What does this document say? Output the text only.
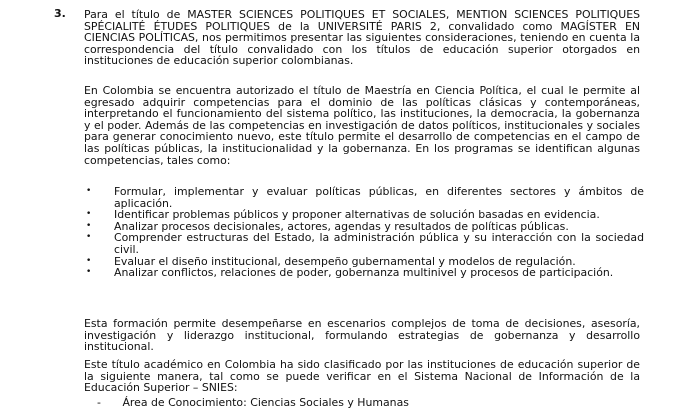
3. Para el título de MASTER SCIENCES POLITIQUES ET SOCIALES, MENTION SCIENCES POLITIQUES SPÉCIALITÉ ÉTUDES POLITIQUES de la UNIVERSITÉ PARIS 2, convalidado como MAGÍSTER EN CIENCIAS POLÍTICAS, nos permitimos presentar las siguientes consideraciones, teniendo en cuenta la correspondencia del título convalidado con los títulos de educación superior otorgados en instituciones de educación superior colombianas.

En Colombia se encuentra autorizado el título de Maestría en Ciencia Política, el cual le permite al egresado adquirir competencias para el dominio de las políticas clásicas y contemporáneas, interpretando el funcionamiento del sistema político, las instituciones, la democracia, la gobernanza y el poder. Además de las competencias en investigación de datos políticos, institucionales y sociales para generar conocimiento nuevo, este título permite el desarrollo de competencias en el campo de las políticas públicas, la institucionalidad y la gobernanza. En los programas se identifican algunas competencias, tales como:

• Formular, implementar y evaluar políticas públicas, en diferentes sectores y ámbitos de aplicación.
• Identificar problemas públicos y proponer alternativas de solución basadas en evidencia.
• Analizar procesos decisionales, actores, agendas y resultados de políticas públicas.
• Comprender estructuras del Estado, la administración pública y su interacción con la sociedad civil.
• Evaluar el diseño institucional, desempeño gubernamental y modelos de regulación.
• Analizar conflictos, relaciones de poder, gobernanza multinivel y procesos de participación.

Esta formación permite desempeñarse en escenarios complejos de toma de decisiones, asesoría, investigación y liderazgo institucional, formulando estrategias de gobernanza y desarrollo institucional.

Este título académico en Colombia ha sido clasificado por las instituciones de educación superior de la siguiente manera, tal como se puede verificar en el Sistema Nacional de Información de la Educación Superior – SNIES:

- Área de Conocimiento: Ciencias Sociales y Humanas
